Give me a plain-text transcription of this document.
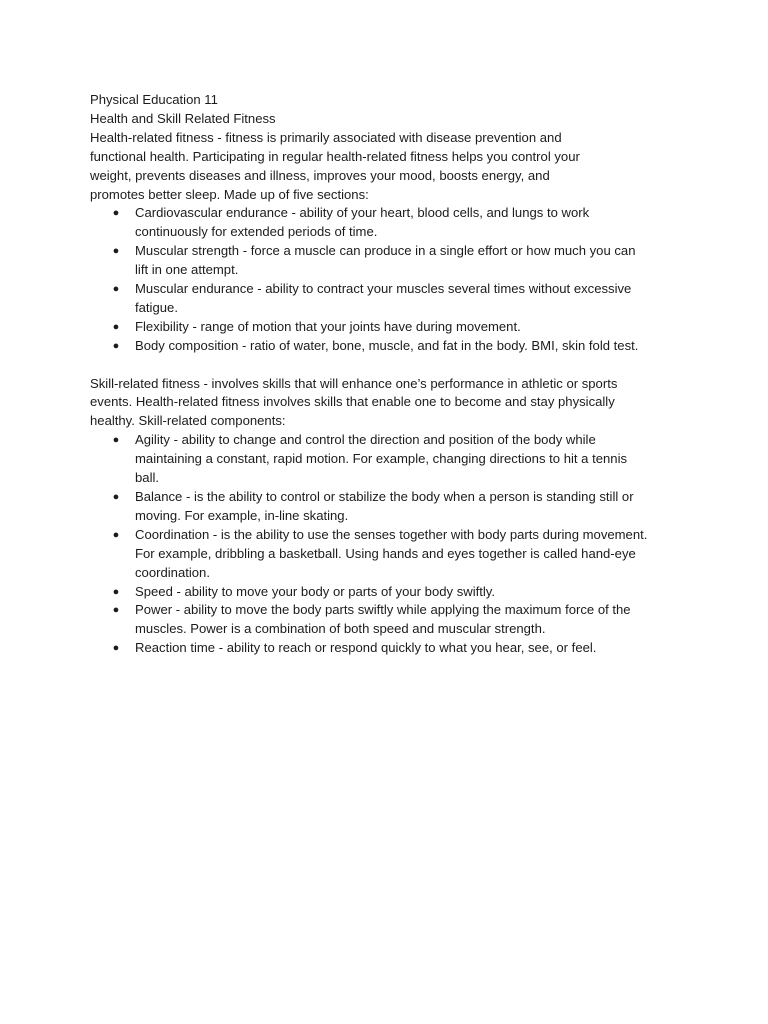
Physical Education 11
Health and Skill Related Fitness
Health-related fitness - fitness is primarily associated with disease prevention and
functional health. Participating in regular health-related fitness helps you control your
weight, prevents diseases and illness, improves your mood, boosts energy, and
promotes better sleep. Made up of five sections:
● Cardiovascular endurance - ability of your heart, blood cells, and lungs to work
continuously for extended periods of time.
● Muscular strength - force a muscle can produce in a single effort or how much you can
lift in one attempt.
● Muscular endurance - ability to contract your muscles several times without excessive
fatigue.
● Flexibility - range of motion that your joints have during movement.
● Body composition - ratio of water, bone, muscle, and fat in the body. BMI, skin fold test.
Skill-related fitness - involves skills that will enhance one’s performance in athletic or sports
events. Health-related fitness involves skills that enable one to become and stay physically
healthy. Skill-related components:
● Agility - ability to change and control the direction and position of the body while
maintaining a constant, rapid motion. For example, changing directions to hit a tennis
ball.
● Balance - is the ability to control or stabilize the body when a person is standing still or
moving. For example, in-line skating.
● Coordination - is the ability to use the senses together with body parts during movement.
For example, dribbling a basketball. Using hands and eyes together is called hand-eye
coordination.
● Speed - ability to move your body or parts of your body swiftly.
● Power - ability to move the body parts swiftly while applying the maximum force of the
muscles. Power is a combination of both speed and muscular strength.
● Reaction time - ability to reach or respond quickly to what you hear, see, or feel.
